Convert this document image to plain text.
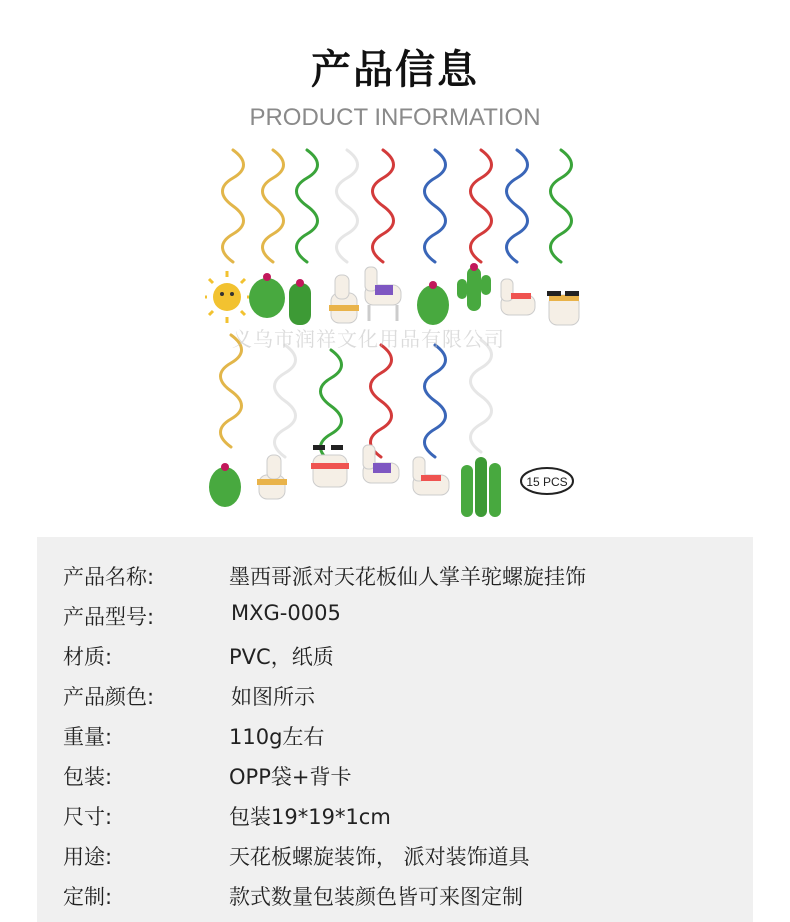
产品信息
PRODUCT INFORMATION
15 PCS
义乌市润祥文化用品有限公司
产品名称:	墨西哥派对天花板仙人掌羊驼螺旋挂饰
产品型号:	MXG-0005
材质:	PVC，纸质
产品颜色:	如图所示
重量:	110g左右
包装:	OPP袋+背卡
尺寸:	包装19*19*1cm
用途:	天花板螺旋装饰， 派对装饰道具
定制:	款式数量包装颜色皆可来图定制
